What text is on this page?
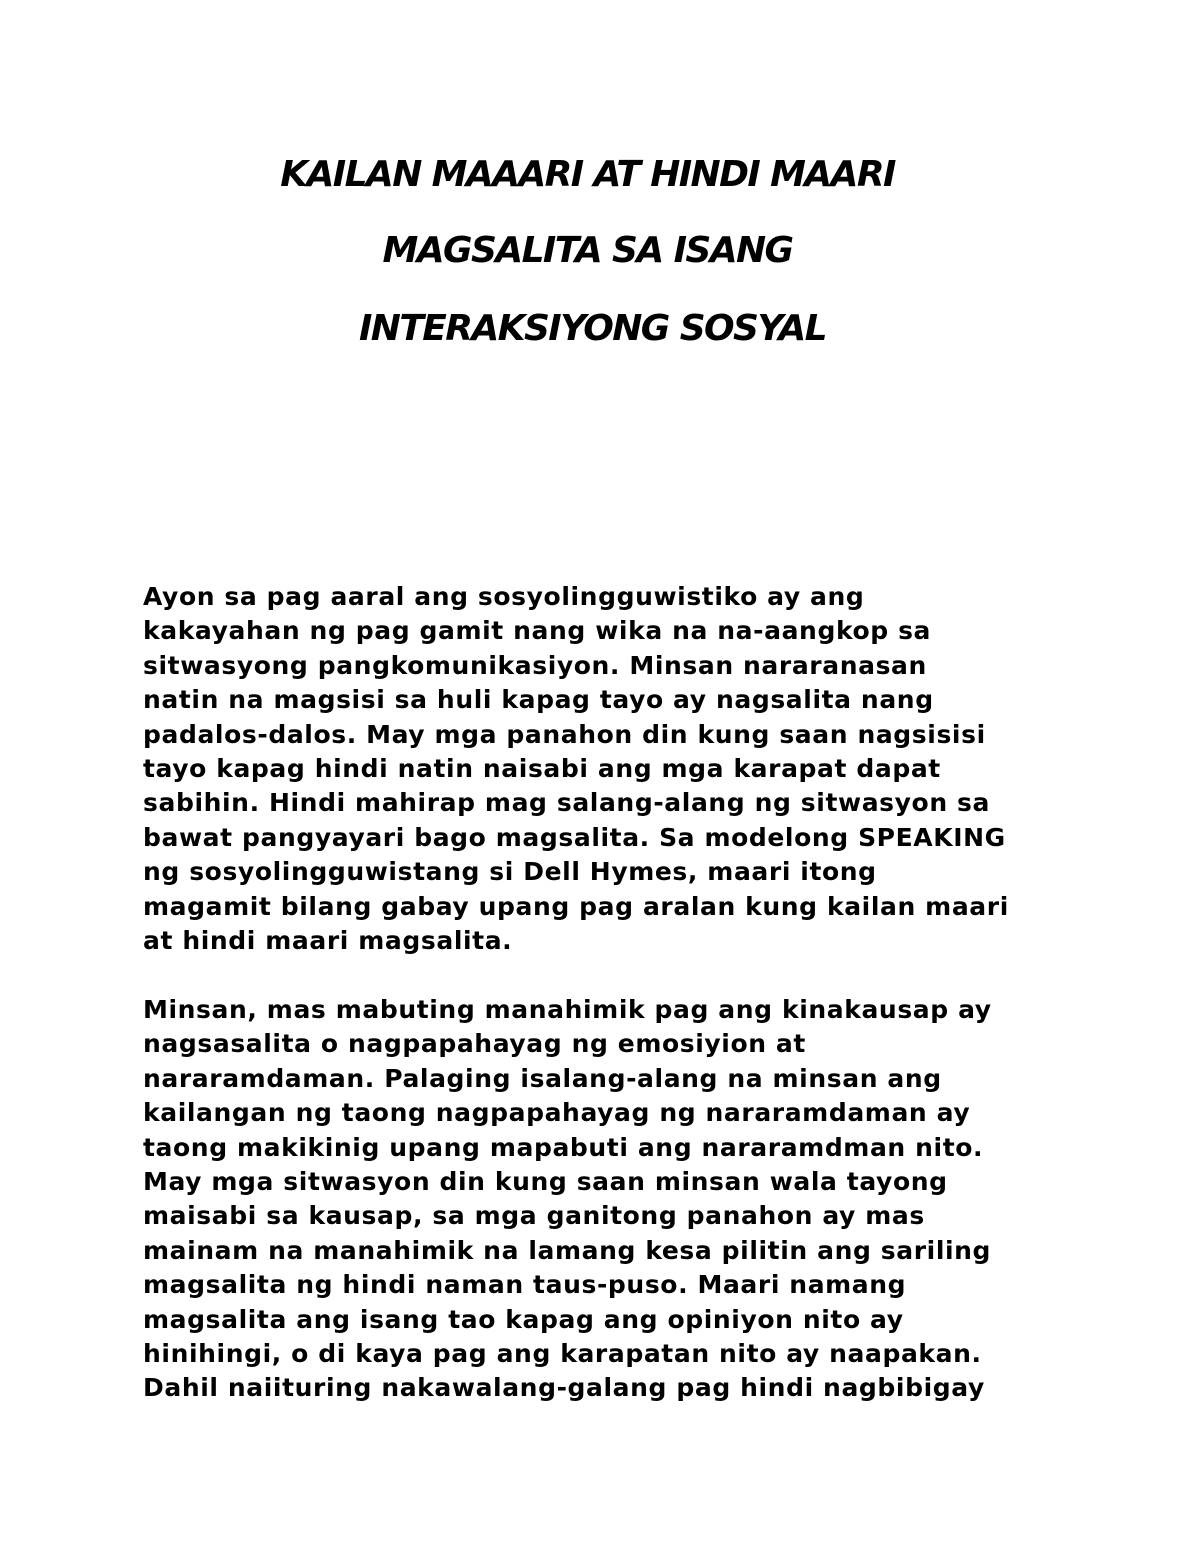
KAILAN MAAARI AT HINDI MAARI

MAGSALITA SA ISANG

INTERAKSIYONG SOSYAL

Ayon sa pag aaral ang sosyolingguwistiko ay ang
kakayahan ng pag gamit nang wika na na-aangkop sa
sitwasyong pangkomunikasiyon. Minsan nararanasan
natin na magsisi sa huli kapag tayo ay nagsalita nang
padalos-dalos. May mga panahon din kung saan nagsisisi
tayo kapag hindi natin naisabi ang mga karapat dapat
sabihin. Hindi mahirap mag salang-alang ng sitwasyon sa
bawat pangyayari bago magsalita. Sa modelong SPEAKING
ng sosyolingguwistang si Dell Hymes, maari itong
magamit bilang gabay upang pag aralan kung kailan maari
at hindi maari magsalita.
Minsan, mas mabuting manahimik pag ang kinakausap ay
nagsasalita o nagpapahayag ng emosiyion at
nararamdaman. Palaging isalang-alang na minsan ang
kailangan ng taong nagpapahayag ng nararamdaman ay
taong makikinig upang mapabuti ang nararamdman nito.
May mga sitwasyon din kung saan minsan wala tayong
maisabi sa kausap, sa mga ganitong panahon ay mas
mainam na manahimik na lamang kesa pilitin ang sariling
magsalita ng hindi naman taus-puso. Maari namang
magsalita ang isang tao kapag ang opiniyon nito ay
hinihingi, o di kaya pag ang karapatan nito ay naapakan.
Dahil naiituring nakawalang-galang pag hindi nagbibigay
